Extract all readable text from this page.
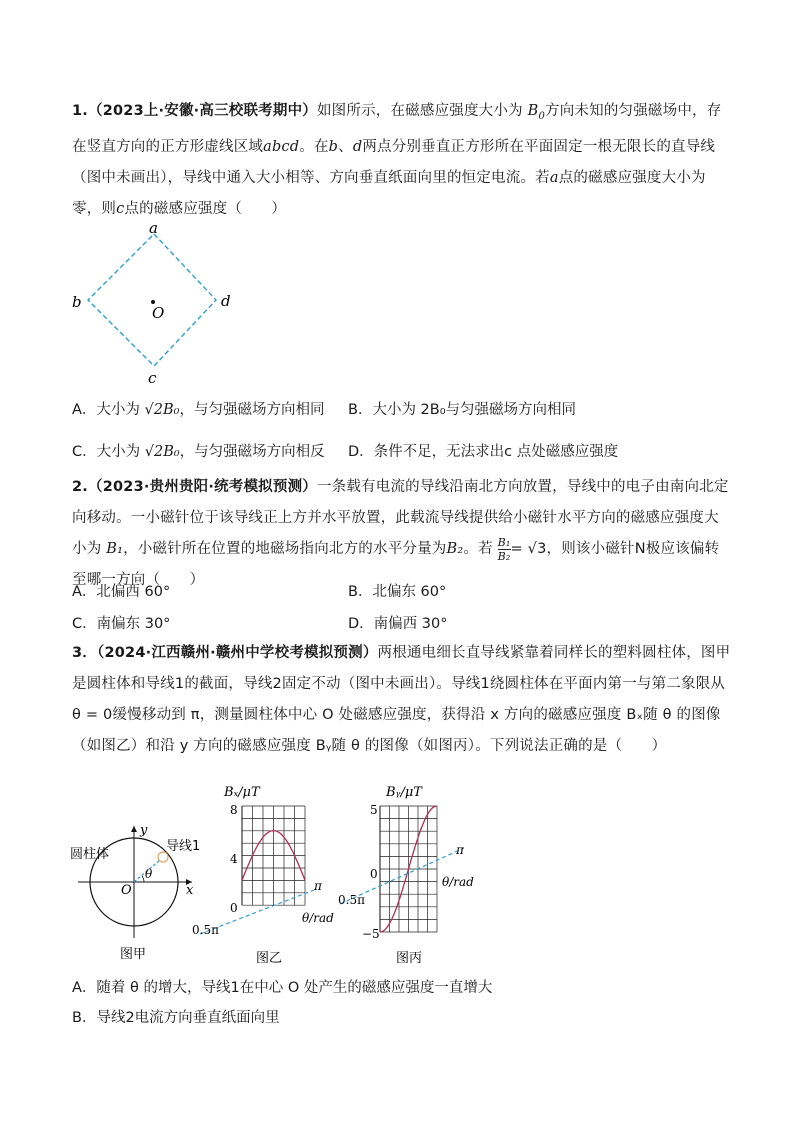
1.（2023上·安徽·高三校联考期中）如图所示，在磁感应强度大小为 $B_0$方向未知的匀强磁场中，存在竖直方向的正方形虚线区域abcd。在b、d两点分别垂直正方形所在平面固定一根无限长的直导线（图中未画出），导线中通入大小相等、方向垂直纸面向里的恒定电流。若a点的磁感应强度大小为零，则c点的磁感应强度（　　）
a
b
c
d
O
A．大小为 √2B₀，与匀强磁场方向相同 B．大小为 2B₀与匀强磁场方向相同
C．大小为 √2B₀，与匀强磁场方向相反 D．条件不足，无法求出c 点处磁感应强度
2.（2023·贵州贵阳·统考模拟预测）一条载有电流的导线沿南北方向放置，导线中的电子由南向北定向移动。一小磁针位于该导线正上方并水平放置，此载流导线提供给小磁针水平方向的磁感应强度大小为 B₁，小磁针所在位置的地磁场指向北方的水平分量为B₂。若 $\frac{\text{B₁}}{\text{B₂}} = √3$，则该小磁针N极应该偏转至哪一方向（　　）
A．北偏西 60°	B．北偏东 60°
C．南偏东 30°	D．南偏西 30°
3．（2024·江西赣州·赣州中学校考模拟预测）两根通电细长直导线紧靠着同样长的塑料圆柱体，图甲是圆柱体和导线1的截面，导线2固定不动（图中未画出）。导线1绕圆柱体在平面内第一与第二象限从 θ = 0缓慢移动到 π，测量圆柱体中心 O 处磁感应强度，获得沿 x 方向的磁感应强度 Bₓ随 θ 的图像（如图乙）和沿 y 方向的磁感应强度 Bᵧ随 θ 的图像（如图丙）。下列说法正确的是（　　）
θ
O	x
y
圆柱体
导线1
图甲
Bₓ/μT
8
4
0
0.5π
π
θ/rad
图乙
Bᵧ/μT
5
0
−5
0.5π
π
θ/rad
图丙
A．随着 θ 的增大，导线1在中心 O 处产生的磁感应强度一直增大
B．导线2电流方向垂直纸面向里
